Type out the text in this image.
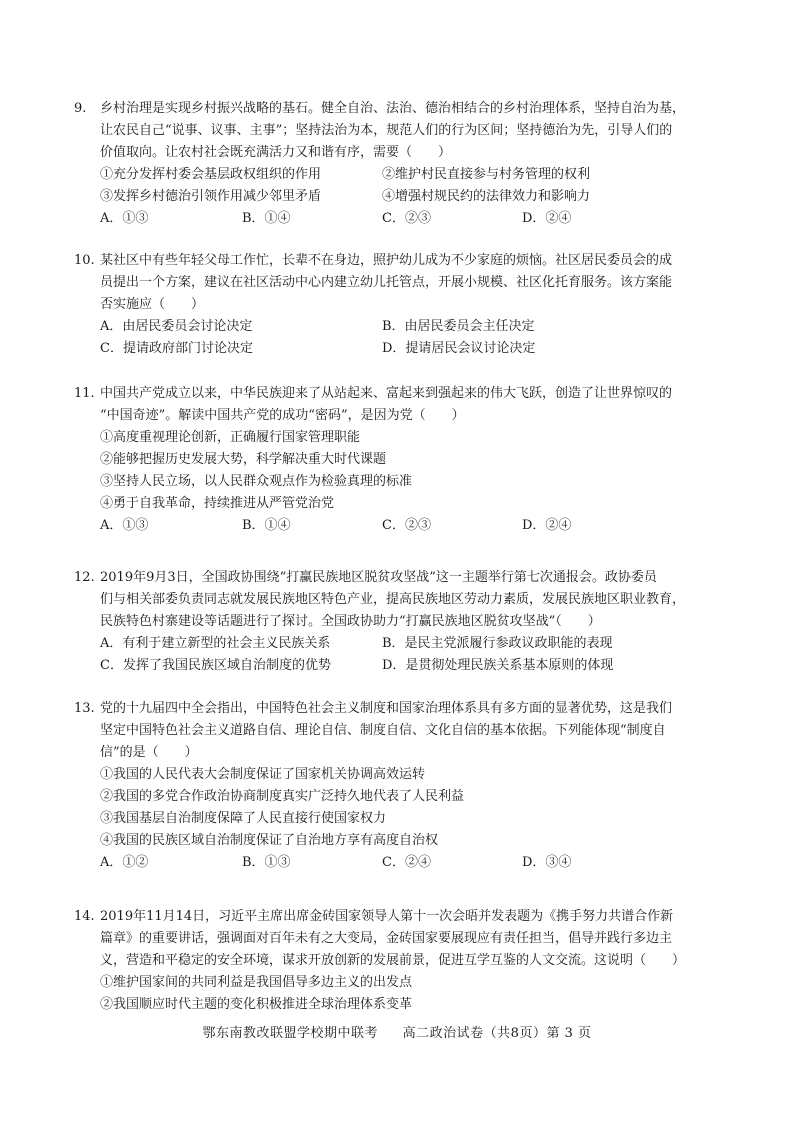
9. 乡村治理是实现乡村振兴战略的基石。健全自治、法治、德治相结合的乡村治理体系，坚持自治为基，
让农民自己“说事、议事、主事”；坚持法治为本，规范人们的行为区间；坚持德治为先，引导人们的
价值取向。让农村社会既充满活力又和谐有序，需要（　　）
①充分发挥村委会基层政权组织的作用	②维护村民直接参与村务管理的权利
③发挥乡村德治引领作用减少邻里矛盾	④增强村规民约的法律效力和影响力
A．①③	B．①④	C．②③	D．②④
10. 某社区中有些年轻父母工作忙，长辈不在身边，照护幼儿成为不少家庭的烦恼。社区居民委员会的成
员提出一个方案，建议在社区活动中心内建立幼儿托管点，开展小规模、社区化托育服务。该方案能
否实施应（　　）
A．由居民委员会讨论决定	B．由居民委员会主任决定
C．提请政府部门讨论决定	D．提请居民会议讨论决定
11. 中国共产党成立以来，中华民族迎来了从站起来、富起来到强起来的伟大飞跃，创造了让世界惊叹的
“中国奇迹”。解读中国共产党的成功“密码”，是因为党（　　）
①高度重视理论创新，正确履行国家管理职能
②能够把握历史发展大势，科学解决重大时代课题
③坚持人民立场，以人民群众观点作为检验真理的标准
④勇于自我革命，持续推进从严管党治党
A．①③	B．①④	C．②③	D．②④
12. 2019年9月3日，全国政协围绕“打赢民族地区脱贫攻坚战”这一主题举行第七次通报会。政协委员
们与相关部委负责同志就发展民族地区特色产业，提高民族地区劳动力素质，发展民族地区职业教育，
民族特色村寨建设等话题进行了探讨。全国政协助力“打赢民族地区脱贫攻坚战”（　　）
A．有利于建立新型的社会主义民族关系	B．是民主党派履行参政议政职能的表现
C．发挥了我国民族区域自治制度的优势	D．是贯彻处理民族关系基本原则的体现
13. 党的十九届四中全会指出，中国特色社会主义制度和国家治理体系具有多方面的显著优势，这是我们
坚定中国特色社会主义道路自信、理论自信、制度自信、文化自信的基本依据。下列能体现“制度自
信”的是（　　）
①我国的人民代表大会制度保证了国家机关协调高效运转
②我国的多党合作政治协商制度真实广泛持久地代表了人民利益
③我国基层自治制度保障了人民直接行使国家权力
④我国的民族区域自治制度保证了自治地方享有高度自治权
A．①②	B．①③	C．②④	D．③④
14. 2019年11月14日，习近平主席出席金砖国家领导人第十一次会晤并发表题为《携手努力共谱合作新
篇章》的重要讲话，强调面对百年未有之大变局，金砖国家要展现应有责任担当，倡导并践行多边主
义，营造和平稳定的安全环境，谋求开放创新的发展前景，促进互学互鉴的人文交流。这说明（　　）
①维护国家间的共同利益是我国倡导多边主义的出发点
②我国顺应时代主题的变化积极推进全球治理体系变革
鄂东南教改联盟学校期中联考 高二政治试卷（共8页）第 3 页
